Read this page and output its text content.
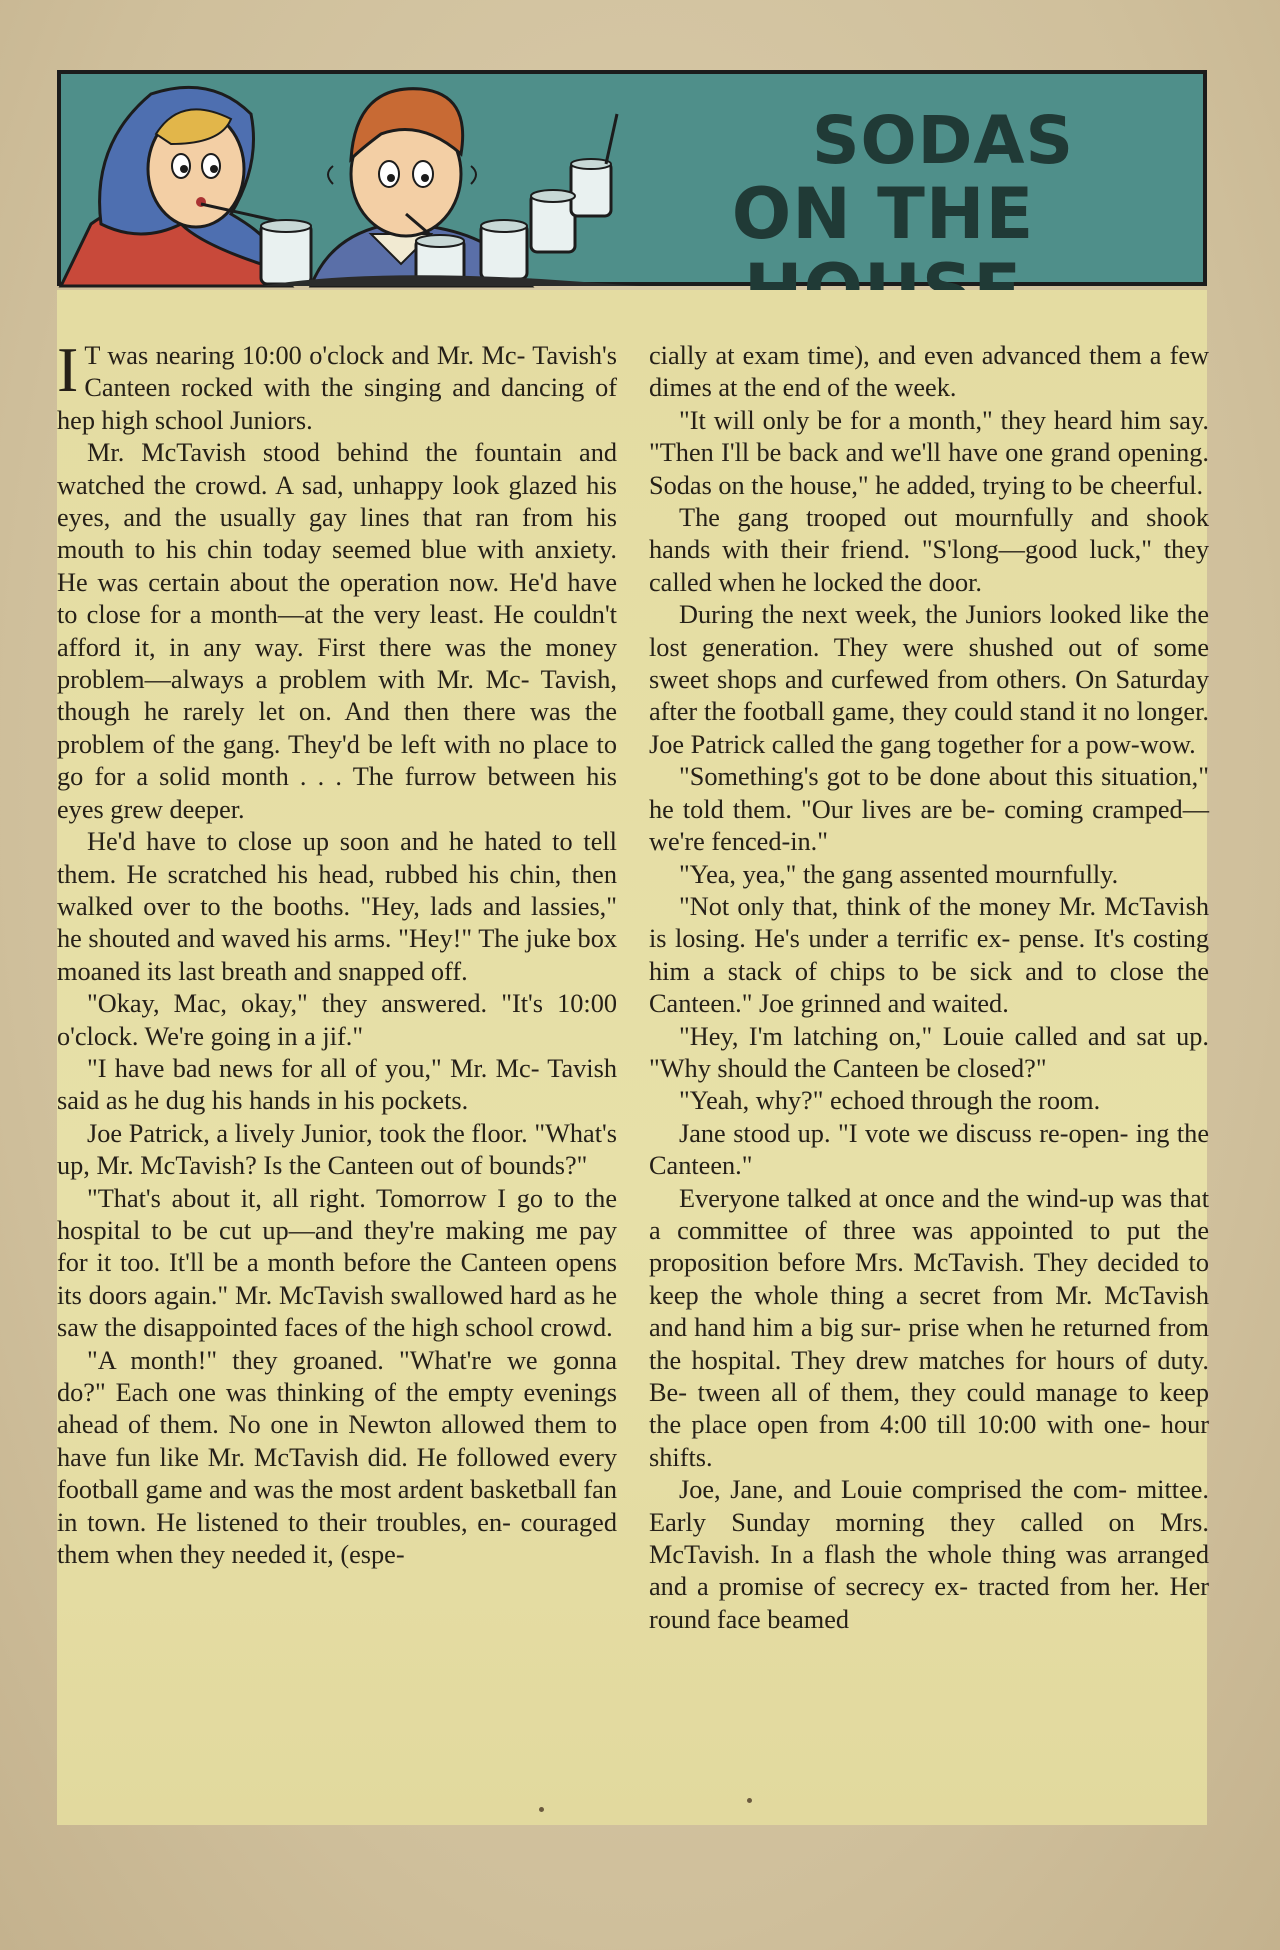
SODAS
ON THE

I T was nearing 10:00 o'clock and Mr. Mc- Tavish's Canteen rocked with the singing and dancing of hep high school Juniors.

Mr. McTavish stood behind the fountain and watched the crowd. A sad, unhappy look glazed his eyes, and the usually gay lines that ran from his mouth to his chin today seemed blue with anxiety. He was certain about the operation now. He'd have to close for a month—at the very least. He couldn't afford it, in any way. First there was the money problem—always a problem with Mr. Mc- Tavish, though he rarely let on. And then there was the problem of the gang. They'd be left with no place to go for a solid month . . . The furrow between his eyes grew deeper.

He'd have to close up soon and he hated to tell them. He scratched his head, rubbed his chin, then walked over to the booths. "Hey, lads and lassies," he shouted and waved his arms. "Hey!" The juke box moaned its last breath and snapped off.

"Okay, Mac, okay," they answered. "It's 10:00 o'clock. We're going in a jif."

"I have bad news for all of you," Mr. Mc- Tavish said as he dug his hands in his pockets.

Joe Patrick, a lively Junior, took the floor. "What's up, Mr. McTavish? Is the Canteen out of bounds?"

"That's about it, all right. Tomorrow I go to the hospital to be cut up—and they're making me pay for it too. It'll be a month before the Canteen opens its doors again." Mr. McTavish swallowed hard as he saw the disappointed faces of the high school crowd.

"A month!" they groaned. "What're we gonna do?" Each one was thinking of the empty evenings ahead of them. No one in Newton allowed them to have fun like Mr. McTavish did. He followed every football game and was the most ardent basketball fan in town. He listened to their troubles, en- couraged them when they needed it, (espe-

cially at exam time), and even advanced them a few dimes at the end of the week.

"It will only be for a month," they heard him say. "Then I'll be back and we'll have one grand opening. Sodas on the house," he added, trying to be cheerful.

The gang trooped out mournfully and shook hands with their friend. "S'long—good luck," they called when he locked the door.

During the next week, the Juniors looked like the lost generation. They were shushed out of some sweet shops and curfewed from others. On Saturday after the football game, they could stand it no longer. Joe Patrick called the gang together for a pow-wow.

"Something's got to be done about this situation," he told them. "Our lives are be- coming cramped—we're fenced-in."

"Yea, yea," the gang assented mournfully.

"Not only that, think of the money Mr. McTavish is losing. He's under a terrific ex- pense. It's costing him a stack of chips to be sick and to close the Canteen." Joe grinned and waited.

"Hey, I'm latching on," Louie called and sat up. "Why should the Canteen be closed?"

"Yeah, why?" echoed through the room.

Jane stood up. "I vote we discuss re-open- ing the Canteen."

Everyone talked at once and the wind-up was that a committee of three was appointed to put the proposition before Mrs. McTavish. They decided to keep the whole thing a secret from Mr. McTavish and hand him a big sur- prise when he returned from the hospital. They drew matches for hours of duty. Be- tween all of them, they could manage to keep the place open from 4:00 till 10:00 with one- hour shifts.

Joe, Jane, and Louie comprised the com- mittee. Early Sunday morning they called on Mrs. McTavish. In a flash the whole thing was arranged and a promise of secrecy ex- tracted from her. Her round face beamed
